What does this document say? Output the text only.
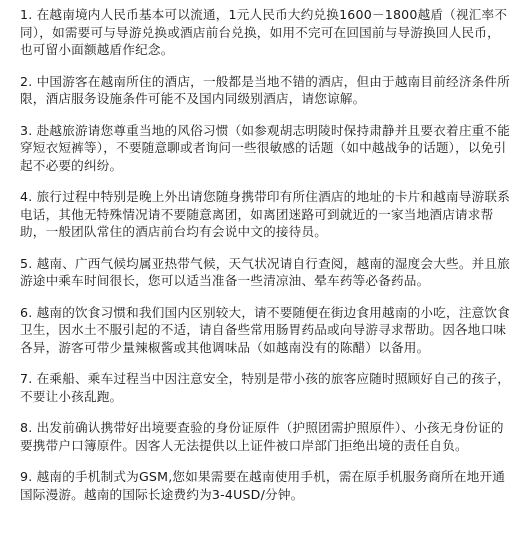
1. 在越南境内人民币基本可以流通，1元人民币大约兑换1600－1800越盾（视汇率不同），如需要可与导游兑换或酒店前台兑换，如用不完可在回国前与导游换回人民币，也可留小面额越盾作纪念。

2. 中国游客在越南所住的酒店，一般都是当地不错的酒店，但由于越南目前经济条件所限，酒店服务设施条件可能不及国内同级别酒店，请您谅解。

3. 赴越旅游请您尊重当地的风俗习惯（如参观胡志明陵时保持肃静并且要衣着庄重不能穿短衣短裤等），不要随意聊或者询问一些很敏感的话题（如中越战争的话题），以免引起不必要的纠纷。

4. 旅行过程中特别是晚上外出请您随身携带印有所住酒店的地址的卡片和越南导游联系电话，其他无特殊情况请不要随意离团，如离团迷路可到就近的一家当地酒店请求帮助，一般团队常住的酒店前台均有会说中文的接待员。

5. 越南、广西气候均属亚热带气候，天气状况请自行查阅，越南的湿度会大些。并且旅游途中乘车时间很长，您可以适当准备一些清凉油、晕车药等必备药品。

6. 越南的饮食习惯和我们国内区别较大，请不要随便在街边食用越南的小吃，注意饮食卫生，因水土不服引起的不适，请自备些常用肠胃药品或向导游寻求帮助。因各地口味各异，游客可带少量辣椒酱或其他调味品（如越南没有的陈醋）以备用。

7. 在乘船、乘车过程当中因注意安全，特别是带小孩的旅客应随时照顾好自己的孩子，不要让小孩乱跑。

8. 出发前确认携带好出境要查验的身份证原件（护照团需护照原件）、小孩无身份证的要携带户口簿原件。因客人无法提供以上证件被口岸部门拒绝出境的责任自负。

9. 越南的手机制式为GSM,您如果需要在越南使用手机，需在原手机服务商所在地开通国际漫游。越南的国际长途费约为3-4USD/分钟。
